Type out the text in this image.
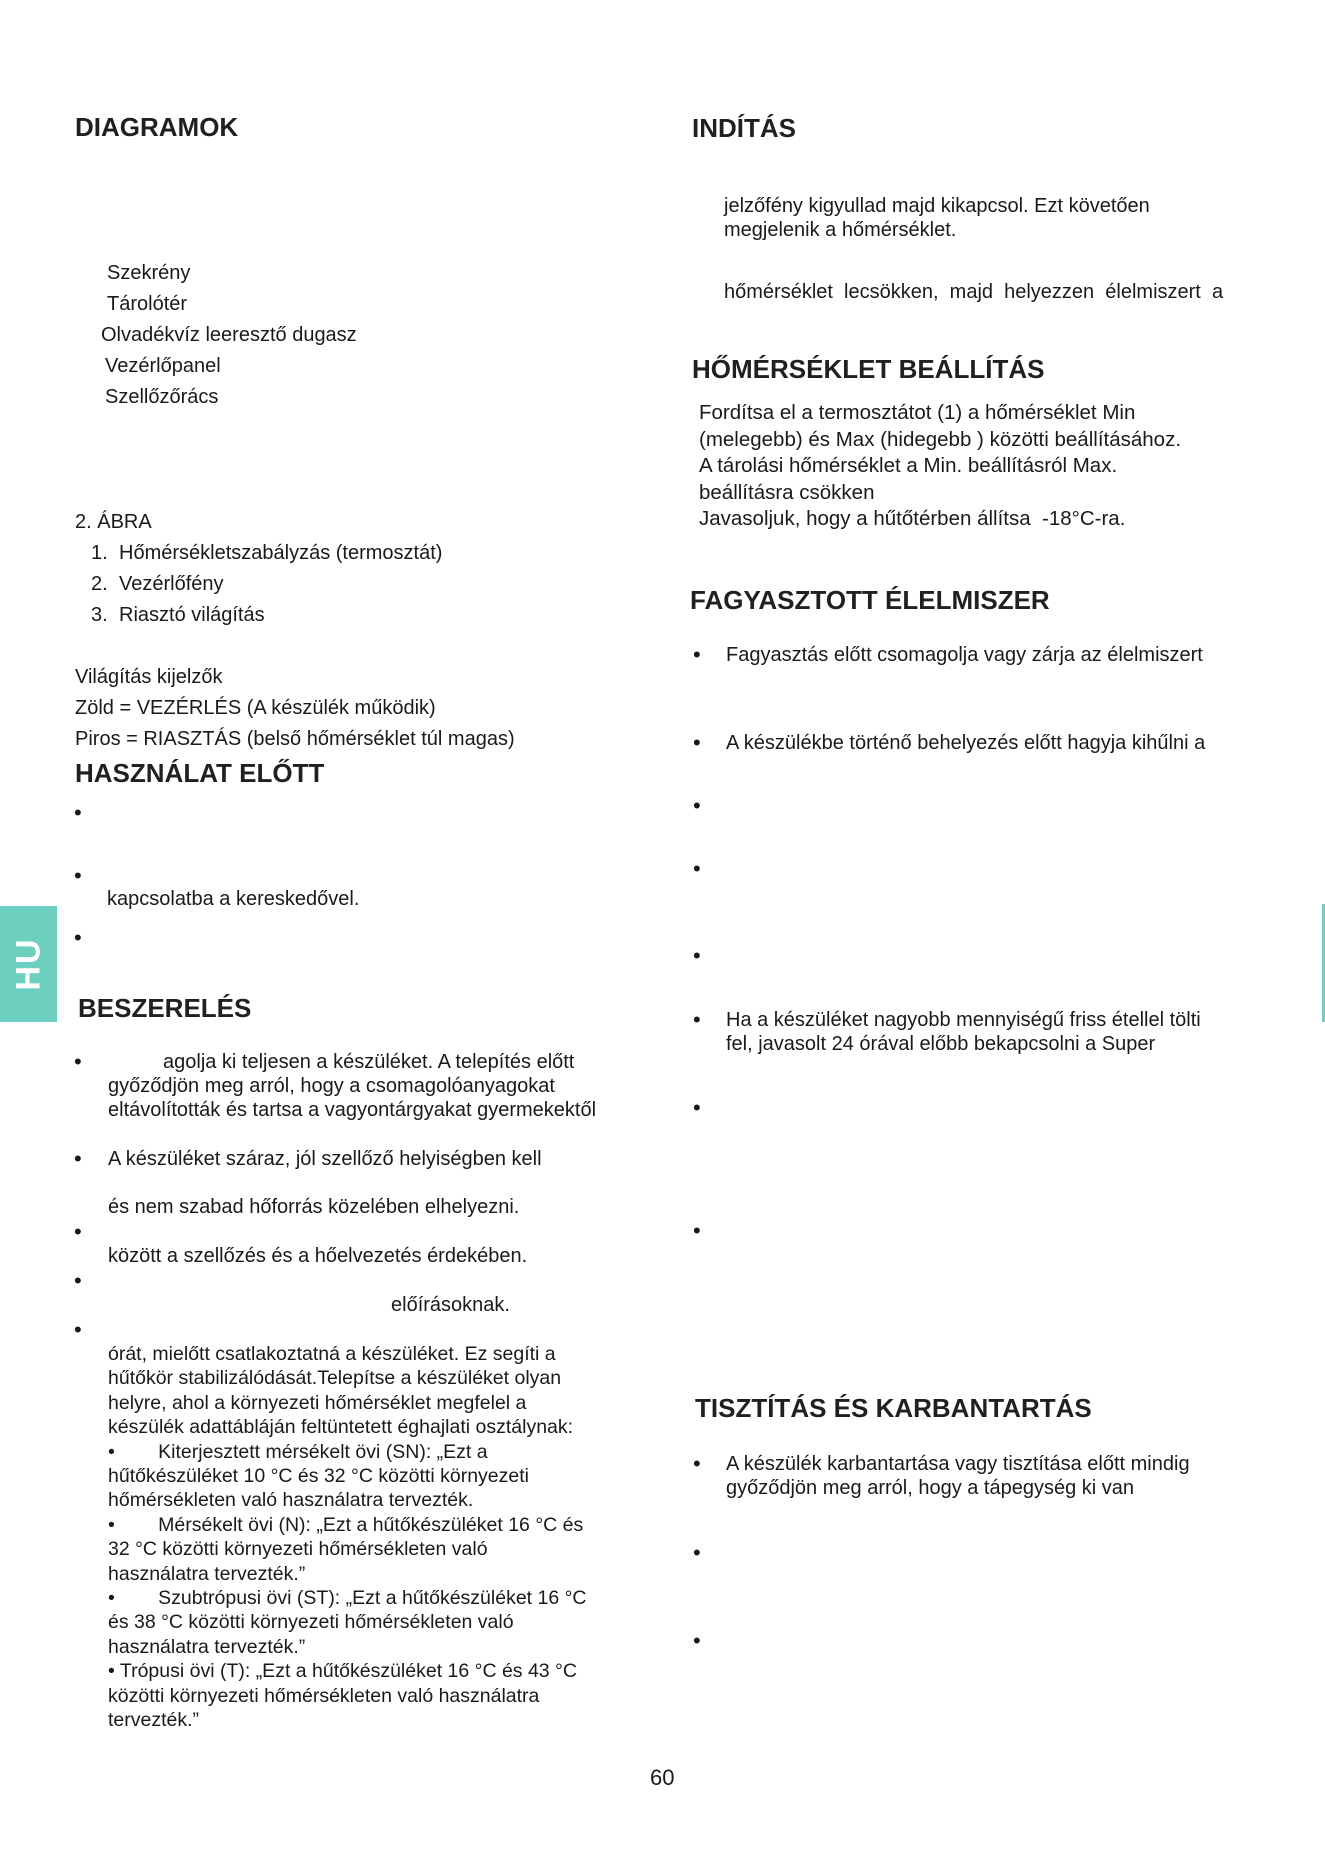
HU
DIAGRAMOK
Szekrény
Tárolótér
Olvadékvíz leeresztő dugasz
Vezérlőpanel
Szellőzőrács
2. ÁBRA
1. Hőmérsékletszabályzás (termosztát)
2. Vezérlőfény
3. Riasztó világítás
Világítás kijelzők
Zöld = VEZÉRLÉS (A készülék működik)
Piros = RIASZTÁS (belső hőmérséklet túl magas)
HASZNÁLAT ELŐTT
•
•
kapcsolatba a kereskedővel.
•
BESZERELÉS
•	agolja ki teljesen a készüléket. A telepítés előtt
győződjön meg arról, hogy a csomagolóanyagokat
eltávolították és tartsa a vagyontárgyakat gyermekektől
• A készüléket száraz, jól szellőző helyiségben kell
és nem szabad hőforrás közelében elhelyezni.
•
között a szellőzés és a hőelvezetés érdekében.
•
előírásoknak.
•
órát, mielőtt csatlakoztatná a készüléket. Ez segíti a
hűtőkör stabilizálódását.Telepítse a készüléket olyan
helyre, ahol a környezeti hőmérséklet megfelel a
készülék adattábláján feltüntetett éghajlati osztálynak:
•        Kiterjesztett mérsékelt övi (SN): „Ezt a
hűtőkészüléket 10 °C és 32 °C közötti környezeti
hőmérsékleten való használatra tervezték.
•        Mérsékelt övi (N): „Ezt a hűtőkészüléket 16 °C és
32 °C közötti környezeti hőmérsékleten való
használatra tervezték.”
•        Szubtrópusi övi (ST): „Ezt a hűtőkészüléket 16 °C
és 38 °C közötti környezeti hőmérsékleten való
használatra tervezték.”
• Trópusi övi (T): „Ezt a hűtőkészüléket 16 °C és 43 °C
közötti környezeti hőmérsékleten való használatra
tervezték.”
INDÍTÁS
jelzőfény kigyullad majd kikapcsol. Ezt követően
megjelenik a hőmérséklet.
hőmérséklet  lecsökken,  majd  helyezzen  élelmiszert  a
HŐMÉRSÉKLET BEÁLLÍTÁS
Fordítsa el a termosztátot (1) a hőmérséklet Min
(melegebb) és Max (hidegebb ) közötti beállításához.
A tárolási hőmérséklet a Min. beállításról Max.
beállításra csökken
Javasoljuk, hogy a hűtőtérben állítsa  -18°C-ra.
FAGYASZTOTT ÉLELMISZER
• Fagyasztás előtt csomagolja vagy zárja az élelmiszert
• A készülékbe történő behelyezés előtt hagyja kihűlni a
•
•
•
• Ha a készüléket nagyobb mennyiségű friss étellel tölti
fel, javasolt 24 órával előbb bekapcsolni a Super
•
•
TISZTÍTÁS ÉS KARBANTARTÁS
• A készülék karbantartása vagy tisztítása előtt mindig
győződjön meg arról, hogy a tápegység ki van
•
•
60
